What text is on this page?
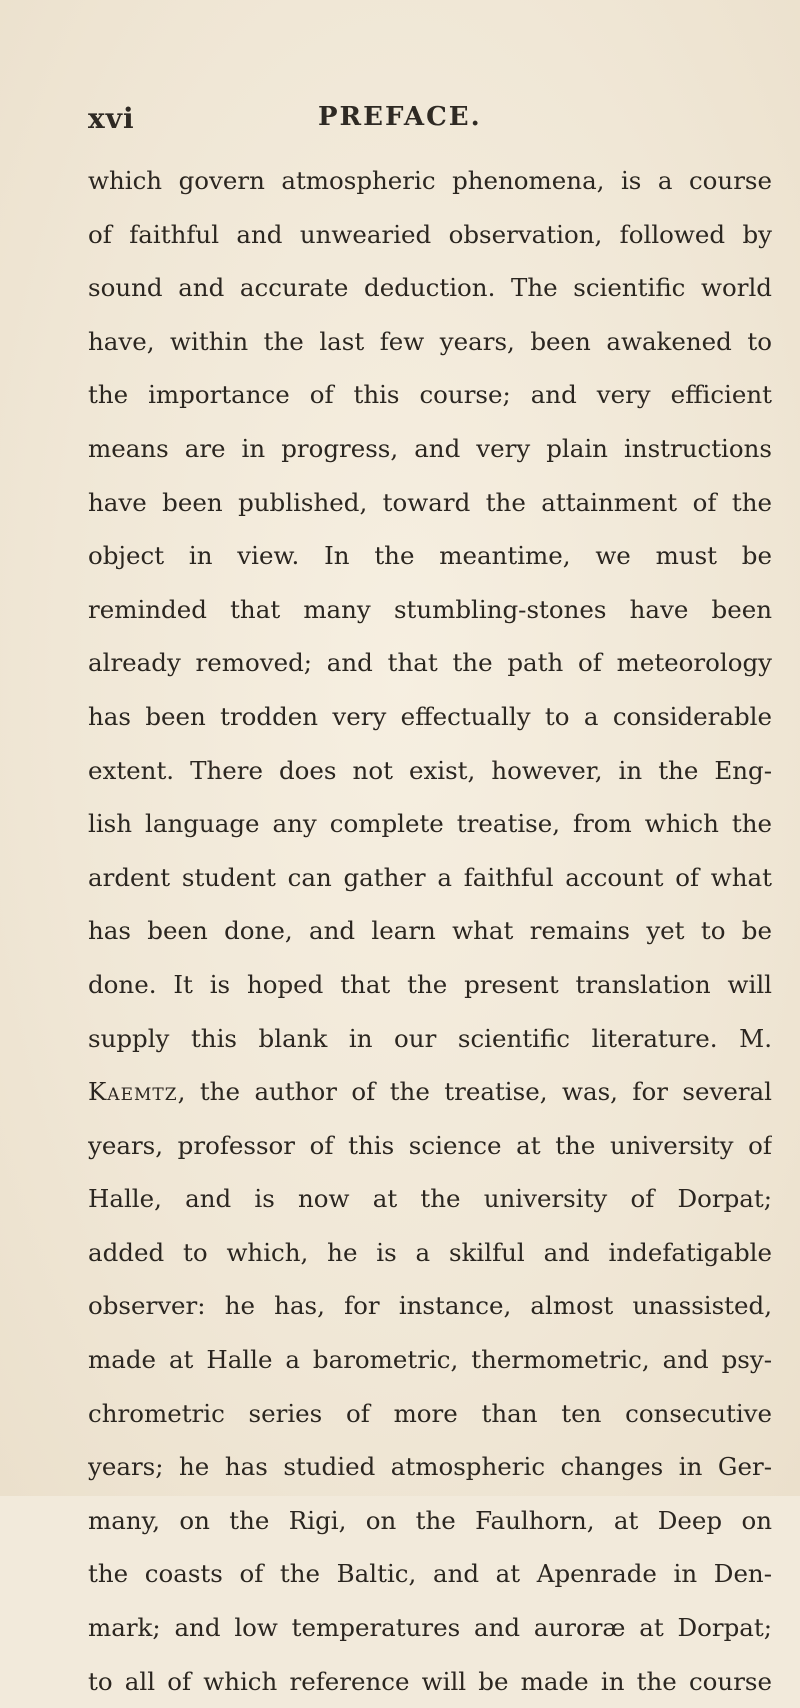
xvi	PREFACE.
which govern atmospheric phenomena, is a course
of faithful and unwearied observation, followed by
sound and accurate deduction. The scientific world
have, within the last few years, been awakened to
the importance of this course; and very efficient
means are in progress, and very plain instructions
have been published, toward the attainment of the
object in view. In the meantime, we must be
reminded that many stumbling-stones have been
already removed; and that the path of meteorology
has been trodden very effectually to a considerable
extent. There does not exist, however, in the Eng-
lish language any complete treatise, from which the
ardent student can gather a faithful account of what
has been done, and learn what remains yet to be
done. It is hoped that the present translation will
supply this blank in our scientific literature. M.
Kaemtz, the author of the treatise, was, for several
years, professor of this science at the university of
Halle, and is now at the university of Dorpat;
added to which, he is a skilful and indefatigable
observer: he has, for instance, almost unassisted,
made at Halle a barometric, thermometric, and psy-
chrometric series of more than ten consecutive
years; he has studied atmospheric changes in Ger-
many, on the Rigi, on the Faulhorn, at Deep on
the coasts of the Baltic, and at Apenrade in Den-
mark; and low temperatures and auroræ at Dorpat;
to all of which reference will be made in the course
